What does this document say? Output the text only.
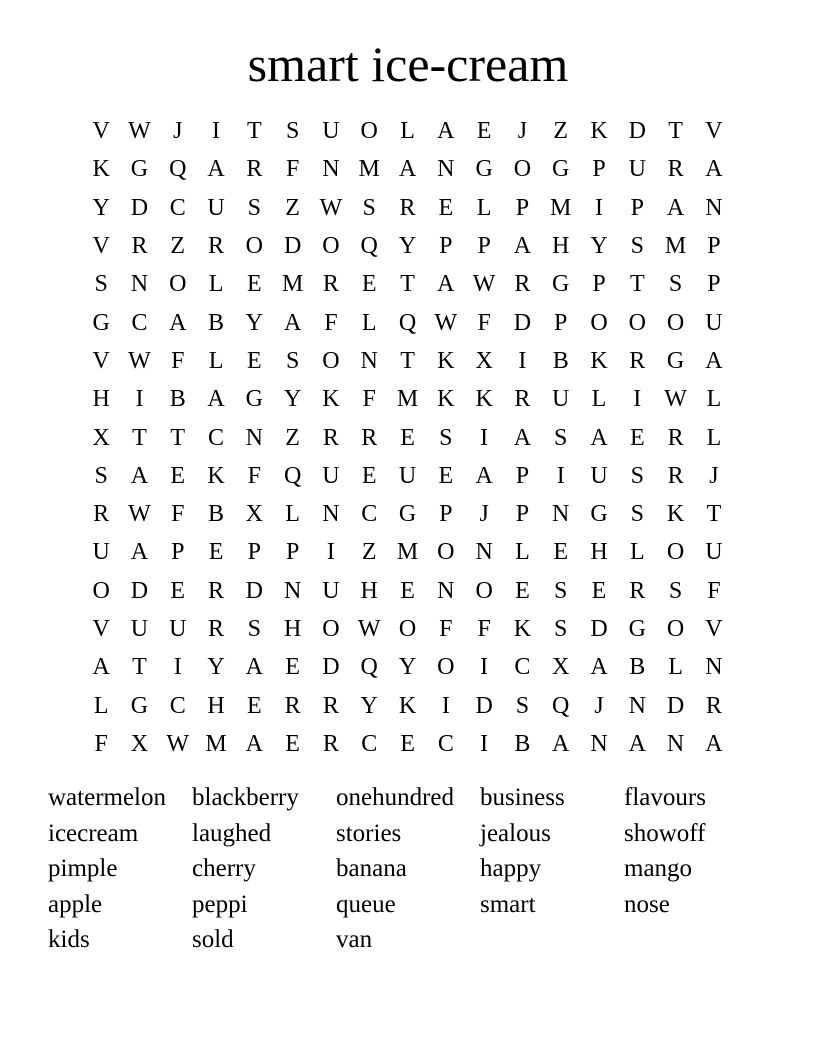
smart ice-cream
V W J	I	T	S U O L A E	J	Z K D T V
K G Q A R F N M A N G O G P U R A
Y D C U S	Z W S R E L	P M I	P A N
V R Z R O D O Q Y P	P A H Y S M P
S N O L E M R E T A W R G P	T	S	P
G C A B Y A F	L Q W F D P O O O U
V W F	L E	S O N T K X	I	B K R G A
H	I	B A G Y K F M K K R U L	I W L
X T T C N Z R R E	S	I	A S A E R L
S A E K F Q U E U E A P	I	U S R	J
R W F B X L N C G P	J	P N G S K T
U A P	E	P	P	I	Z M O N L E H L O U
O D E R D N U H E N O E	S	E R S	F
V U U R S H O W O F	F K S D G O V
A T	I	Y A E D Q Y O	I	C X A B L N
L G C H E R R Y K	I	D S Q	J	N D R
F X W M A E R C E C	I	B A N A N A
watermelon	blackberry	onehundred	business	flavours
icecream	laughed	stories	jealous	showoff
pimple	cherry	banana	happy	mango
apple	peppi	queue	smart	nose
kids	sold	van
